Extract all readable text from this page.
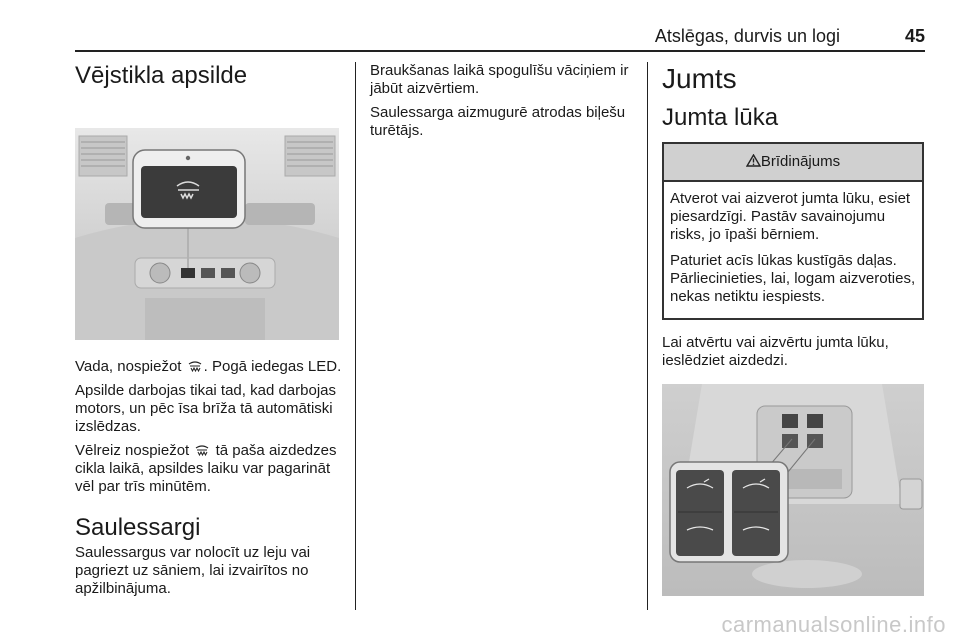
Atslēgas, durvis un logi	45
Vējstikla apsilde

Vada, nospiežot . Pogā iedegas LED.

Apsilde darbojas tikai tad, kad darbojas motors, un pēc īsa brīža tā automātiski izslēdzas.

Vēlreiz nospiežot  tā paša aizdedzes cikla laikā, apsildes laiku var pagarināt vēl par trīs minūtēm.

Saulessargi

Saulessargus var nolocīt uz leju vai pagriezt uz sāniem, lai izvairītos no apžilbinājuma.

Braukšanas laikā spogulīšu vāciņiem ir jābūt aizvērtiem.

Saulessarga aizmugurē atrodas biļešu turētājs.

Jumts
Jumta lūka
Brīdinājums

Atverot vai aizverot jumta lūku, esiet piesardzīgi. Pastāv savainojumu risks, jo īpaši bērniem.

Paturiet acīs lūkas kustīgās daļas. Pārliecinieties, lai, logam aizveroties, nekas netiktu iespiests.

Lai atvērtu vai aizvērtu jumta lūku, ieslēdziet aizdedzi.

carmanualsonline.info
